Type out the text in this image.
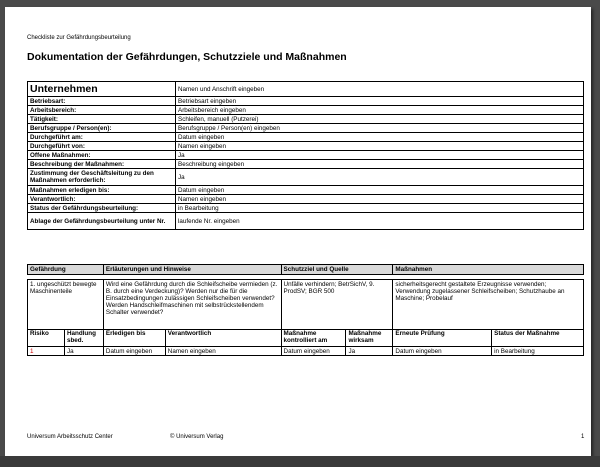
Checkliste zur Gefährdungsbeurteilung
Dokumentation der Gefährdungen, Schutzziele und Maßnahmen
Unternehmen	Namen und Anschrift eingeben
Betriebsart:	Betriebsart eingeben
Arbeitsbereich:	Arbeitsbereich eingeben
Tätigkeit:	Schleifen, manuell (Putzerei)
Berufsgruppe / Person(en):	Berufsgruppe / Person(en) eingeben
Durchgeführt am:	Datum eingeben
Durchgeführt von:	Namen eingeben
Offene Maßnahmen:	Ja
Beschreibung der Maßnahmen:	Beschreibung eingeben
Zustimmung der Geschäftsleitung zu den Maßnahmen erforderlich:	Ja
Maßnahmen erledigen bis:	Datum eingeben
Verantwortlich:	Namen eingeben
Status der Gefährdungsbeurteilung:	in Bearbeitung
Ablage der Gefährdungsbeurteilung unter Nr.	laufende Nr. eingeben
Gefährdung		Erläuterungen und Hinweise		Schutzziel und Quelle		Maßnahmen	

1. ungeschützt bewegte Maschinenteile		Wird eine Gefährdung durch die Schleifscheibe vermieden (z. B. durch eine Verdeckung)? Werden nur die für die Einsatzbedingungen zulässigen Schleifscheiben verwendet? Werden Handschleifmaschinen mit selbstrückstellendem Schalter verwendet?		Unfälle verhindern; BetrSichV, 9. ProdSV; BGR 500		sicherheitsgerecht gestaltete Erzeugnisse verwenden; Verwendung zugelassener Schleifscheiben; Schutzhaube an Maschine; Probelauf	
Risiko	Handlung sbed.	Erledigen bis	Verantwortlich	Maßnahme kontrolliert am	Maßnahme wirksam	Erneute Prüfung	Status der Maßnahme
1	Ja	Datum eingeben	Namen eingeben	Datum eingeben	Ja	Datum eingeben	in Bearbeitung
Universum Arbeitsschutz Center	© Universum Verlag	1
